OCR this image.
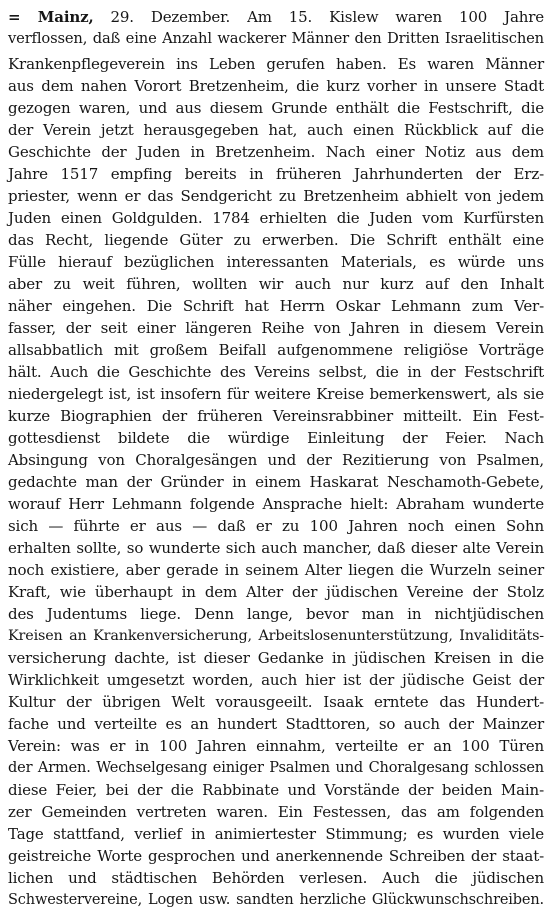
= Mainz, 29. Dezember. Am 15. Kislew waren 100 Jahre
verflossen, daß eine Anzahl wackerer Männer den Dritten Israelitischen
Krankenpflegeverein ins Leben gerufen haben. Es waren Männer
aus dem nahen Vorort Bretzenheim, die kurz vorher in unsere Stadt
gezogen waren, und aus diesem Grunde enthält die Festschrift, die
der Verein jetzt herausgegeben hat, auch einen Rückblick auf die
Geschichte der Juden in Bretzenheim. Nach einer Notiz aus dem
Jahre 1517 empfing bereits in früheren Jahrhunderten der Erz-
priester, wenn er das Sendgericht zu Bretzenheim abhielt von jedem
Juden einen Goldgulden. 1784 erhielten die Juden vom Kurfürsten
das Recht, liegende Güter zu erwerben. Die Schrift enthält eine
Fülle hierauf bezüglichen interessanten Materials, es würde uns
aber zu weit führen, wollten wir auch nur kurz auf den Inhalt
näher eingehen. Die Schrift hat Herrn Oskar Lehmann zum Ver-
fasser, der seit einer längeren Reihe von Jahren in diesem Verein
allsabbatlich mit großem Beifall aufgenommene religiöse Vorträge
hält. Auch die Geschichte des Vereins selbst, die in der Festschrift
niedergelegt ist, ist insofern für weitere Kreise bemerkenswert, als sie
kurze Biographien der früheren Vereinsrabbiner mitteilt. Ein Fest-
gottesdienst bildete die würdige Einleitung der Feier. Nach
Absingung von Choralgesängen und der Rezitierung von Psalmen,
gedachte man der Gründer in einem Haskarat Neschamoth-Gebete,
worauf Herr Lehmann folgende Ansprache hielt: Abraham wunderte
sich — führte er aus — daß er zu 100 Jahren noch einen Sohn
erhalten sollte, so wunderte sich auch mancher, daß dieser alte Verein
noch existiere, aber gerade in seinem Alter liegen die Wurzeln seiner
Kraft, wie überhaupt in dem Alter der jüdischen Vereine der Stolz
des Judentums liege. Denn lange, bevor man in nichtjüdischen
Kreisen an Krankenversicherung, Arbeitslosenunterstützung, Invaliditäts-
versicherung dachte, ist dieser Gedanke in jüdischen Kreisen in die
Wirklichkeit umgesetzt worden, auch hier ist der jüdische Geist der
Kultur der übrigen Welt vorausgeeilt. Isaak erntete das Hundert-
fache und verteilte es an hundert Stadttoren, so auch der Mainzer
Verein: was er in 100 Jahren einnahm, verteilte er an 100 Türen
der Armen. Wechselgesang einiger Psalmen und Choralgesang schlossen
diese Feier, bei der die Rabbinate und Vorstände der beiden Main-
zer Gemeinden vertreten waren. Ein Festessen, das am folgenden
Tage stattfand, verlief in animiertester Stimmung; es wurden viele
geistreiche Worte gesprochen und anerkennende Schreiben der staat-
lichen und städtischen Behörden verlesen. Auch die jüdischen
Schwestervereine, Logen usw. sandten herzliche Glückwunschschreiben.
